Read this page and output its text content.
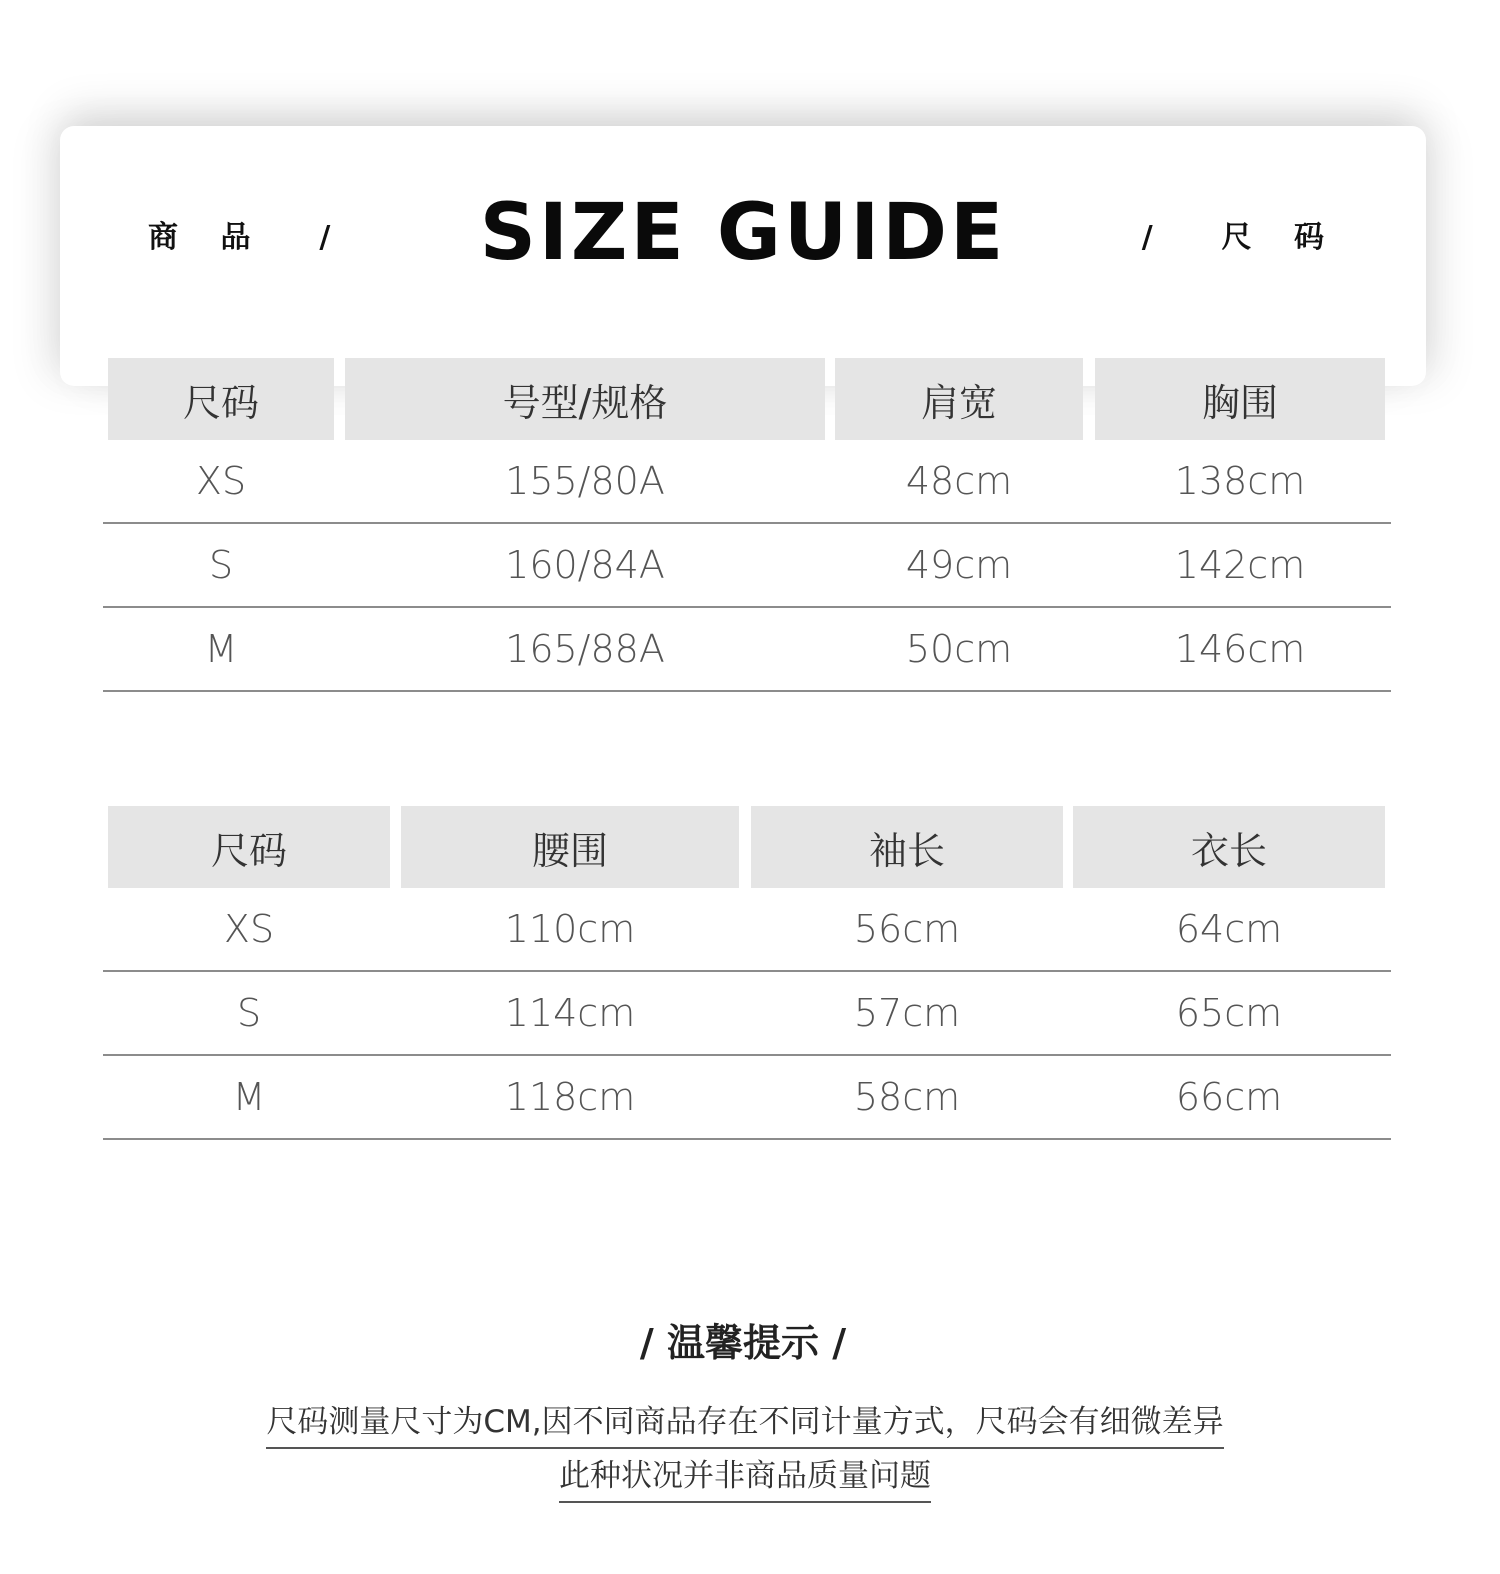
商 品  /	SIZE GUIDE	/  尺 码
尺码	号型/规格	肩宽	胸围
XS	155/80A	48cm	138cm
S	160/84A	49cm	142cm
M	165/88A	50cm	146cm
尺码	腰围	袖长	衣长
XS	110cm	56cm	64cm
S	114cm	57cm	65cm
M	118cm	58cm	66cm
/ 温馨提示 /
尺码测量尺寸为CM,因不同商品存在不同计量方式，尺码会有细微差异
此种状况并非商品质量问题
